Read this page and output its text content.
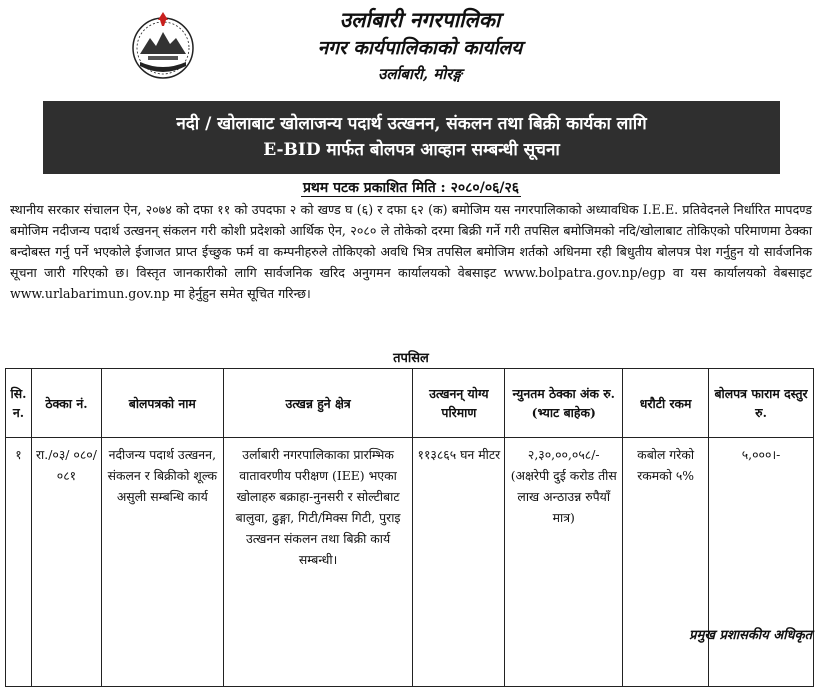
उर्लाबारी नगरपालिका
नगर कार्यपालिकाको कार्यालय
उर्लाबारी, मोरङ्ग
नदी / खोलाबाट खोलाजन्य पदार्थ उत्खनन, संकलन तथा बिक्री कार्यका लागि
E-BID मार्फत बोलपत्र आव्हान सम्बन्धी सूचना
प्रथम पटक प्रकाशित मिति : २०८०/०६/२६
स्थानीय सरकार संचालन ऐन, २०७४ को दफा ११ को उपदफा २ को खण्ड घ (६) र दफा ६२ (क) बमोजिम यस नगरपालिकाको अध्यावधिक I.E.E. प्रतिवेदनले निर्धारित मापदण्ड बमोजिम नदीजन्य पदार्थ उत्खनन् संकलन गरी कोशी प्रदेशको आर्थिक ऐन, २०८० ले तोकेको दरमा बिक्री गर्ने गरी तपसिल बमोजिमको नदि/खोलाबाट तोकिएको परिमाणमा ठेक्का बन्दोबस्त गर्नु पर्ने भएकोले ईजाजत प्राप्त ईच्छुक फर्म वा कम्पनीहरुले तोकिएको अवधि भित्र तपसिल बमोजिम शर्तको अधिनमा रही बिधुतीय बोलपत्र पेश गर्नुहुन यो सार्वजनिक सूचना जारी गरिएको छ। विस्तृत जानकारीको लागि सार्वजनिक खरिद अनुगमन कार्यालयको वेबसाइट www.bolpatra.gov.np/egp वा यस कार्यालयको वेबसाइट www.urlabarimun.gov.np मा हेर्नुहुन समेत सूचित गरिन्छ।
तपसिल
सि. न.	ठेक्का नं.	बोलपत्रको नाम	उत्खन्न हुने क्षेत्र	उत्खनन् योग्य परिमाण	न्युनतम ठेक्का अंक रु. (भ्याट बाहेक)	धरौटी रकम	बोलपत्र फाराम दस्तुर रु.
१	रा./०३/ ०८०/ ०८१	नदीजन्य पदार्थ उत्खनन, संकलन र बिक्रीको शूल्क असुली सम्बन्धि कार्य	उर्लाबारी नगरपालिकाका प्रारम्भिक वातावरणीय परीक्षण (IEE) भएका खोलाहरु बक्राहा-नुनसरी र सोल्टीबाट बालुवा, ढुङ्गा, गिटी/मिक्स गिटी, पुराइ उत्खनन संकलन तथा बिक्री कार्य सम्बन्धी।	११३८६५ घन मीटर	२,३०,००,०५८/- (अक्षरेपी दुई करोड तीस लाख अन्ठाउन्न रुपैयाँ मात्र)	कबोल गरेको रकमको ५%	५,०००।-
प्रमुख प्रशासकीय अधिकृत
